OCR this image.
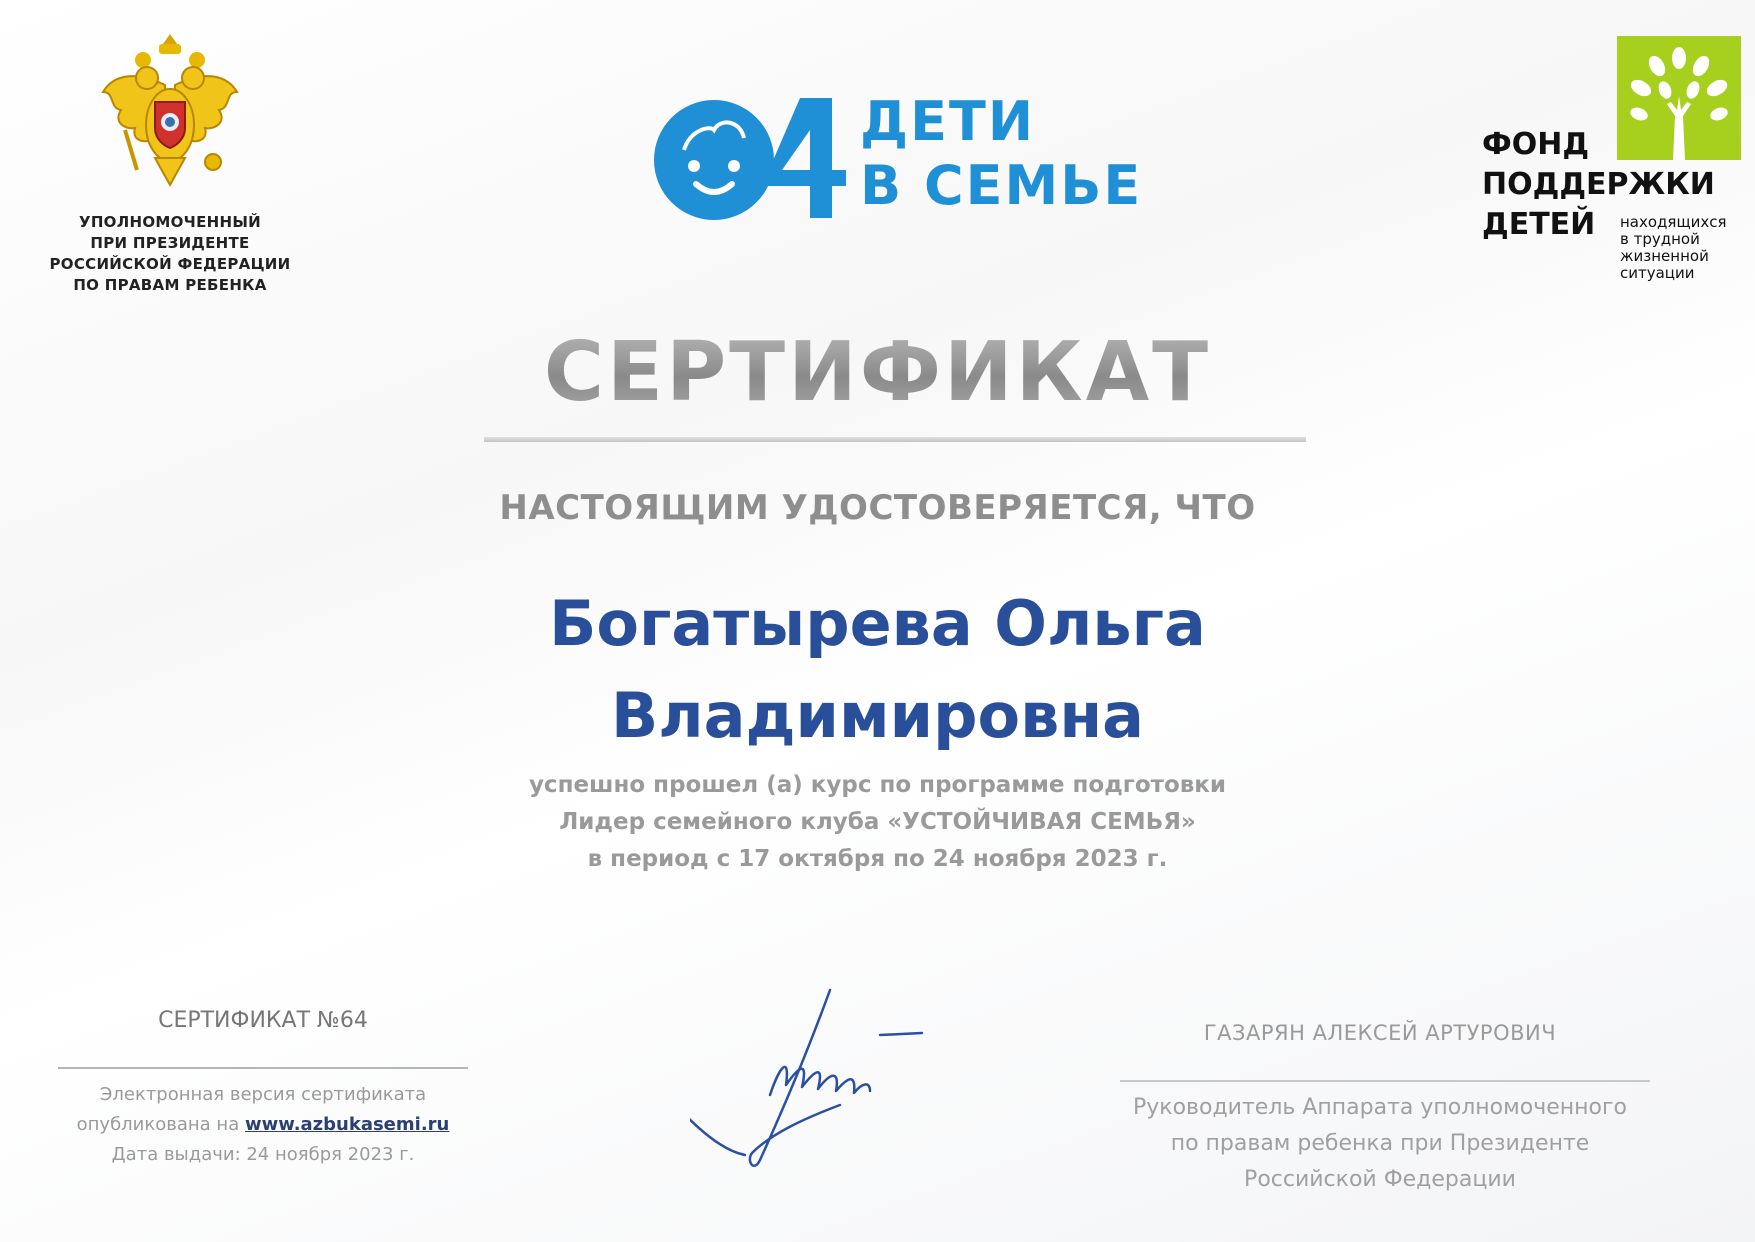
УПОЛНОМОЧЕННЫЙ
ПРИ ПРЕЗИДЕНТЕ
РОССИЙСКОЙ ФЕДЕРАЦИИ
ПО ПРАВАМ РЕБЕНКА
ДЕТИ
В СЕМЬЕ
ФОНД
ПОДДЕРЖКИ
ДЕТЕЙ находящихся
в трудной
жизненной
ситуации
СЕРТИФИКАТ
НАСТОЯЩИМ УДОСТОВЕРЯЕТСЯ, ЧТО
Богатырева Ольга
Владимировна
успешно прошел (а) курс по программе подготовки
Лидер семейного клуба «УСТОЙЧИВАЯ СЕМЬЯ»
в период с 17 октября по 24 ноября 2023 г.
СЕРТИФИКАТ №64
Электронная версия сертификата
опубликована на www.azbukasemi.ru
Дата выдачи: 24 ноября 2023 г.
ГАЗАРЯН АЛЕКСЕЙ АРТУРОВИЧ
Руководитель Аппарата уполномоченного
по правам ребенка при Президенте
Российской Федерации
